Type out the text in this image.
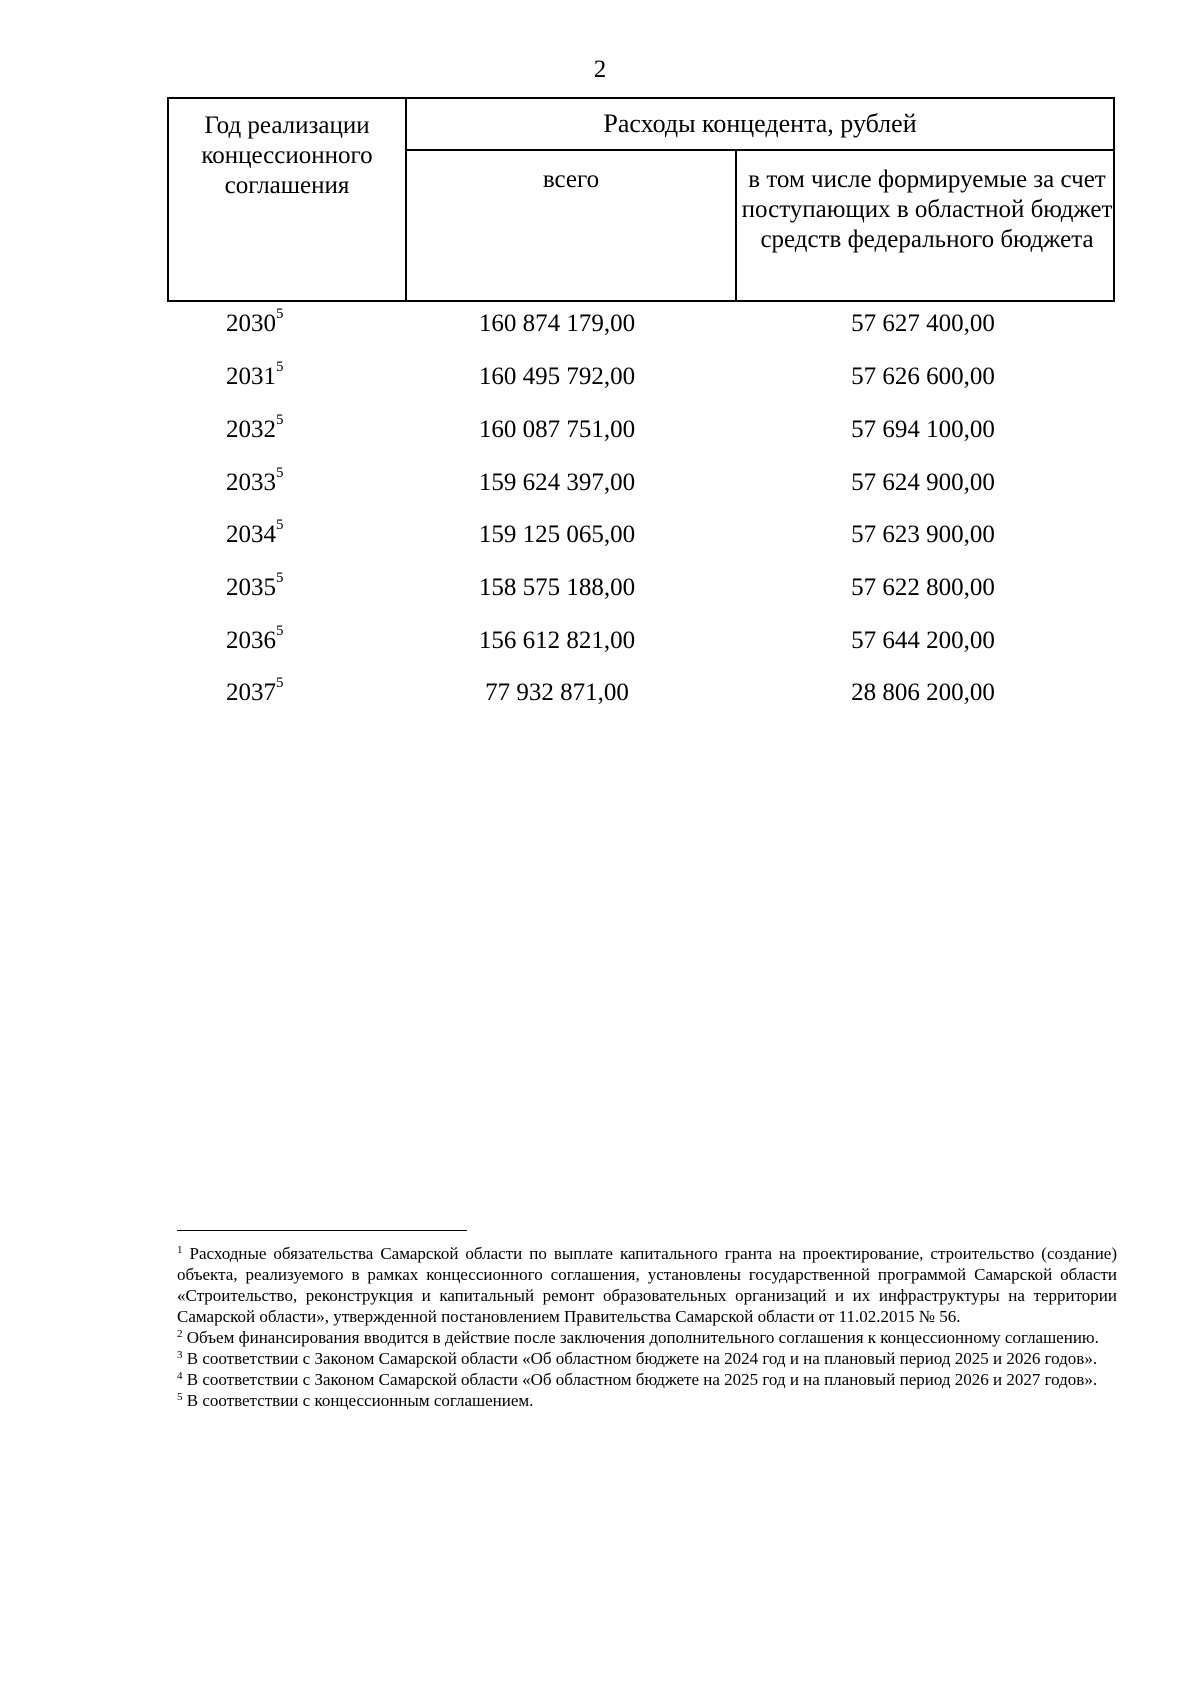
2
Год реализации концессионного соглашения
Расходы концедента, рублей
всего	в том числе формируемые за счет поступающих в областной бюджет средств федерального бюджета
2030$^5$	160 874 179,00	57 627 400,00
2031$^5$	160 495 792,00	57 626 600,00
2032$^5$	160 087 751,00	57 694 100,00
2033$^5$	159 624 397,00	57 624 900,00
2034$^5$	159 125 065,00	57 623 900,00
2035$^5$	158 575 188,00	57 622 800,00
2036$^5$	156 612 821,00	57 644 200,00
2037$^5$	77 932 871,00	28 806 200,00

$^1$ Расходные обязательства Самарской области по выплате капитального гранта на проектирование, строительство (создание) объекта, реализуемого в рамках концессионного соглашения, установлены государственной программой Самарской области «Строительство, реконструкция и капитальный ремонт образовательных организаций и их инфраструктуры на территории Самарской области», утвержденной постановлением Правительства Самарской области от 11.02.2015 № 56.

$^2$ Объем финансирования вводится в действие после заключения дополнительного соглашения к концессионному соглашению.

$^3$ В соответствии с Законом Самарской области «Об областном бюджете на 2024 год и на плановый период 2025 и 2026 годов».

$^4$ В соответствии с Законом Самарской области «Об областном бюджете на 2025 год и на плановый период 2026 и 2027 годов».

$^5$ В соответствии с концессионным соглашением.
